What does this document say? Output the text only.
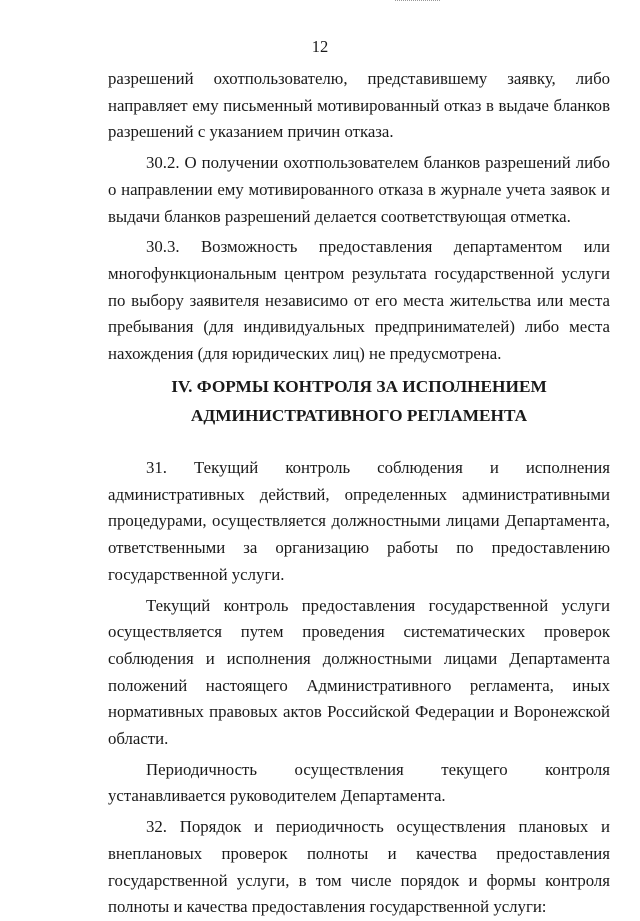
12

разрешений охотпользователю, представившему заявку, либо направляет ему письменный мотивированный отказ в выдаче бланков разрешений с указанием причин отказа.

30.2. О получении охотпользователем бланков разрешений либо о направлении ему мотивированного отказа в журнале учета заявок и выдачи бланков разрешений делается соответствующая отметка.

30.3. Возможность предоставления департаментом или многофункциональным центром результата государственной услуги по выбору заявителя независимо от его места жительства или места пребывания (для индивидуальных предпринимателей) либо места нахождения (для юридических лиц) не предусмотрена.

IV. ФОРМЫ КОНТРОЛЯ ЗА ИСПОЛНЕНИЕМ
АДМИНИСТРАТИВНОГО РЕГЛАМЕНТА

31. Текущий контроль соблюдения и исполнения административных действий, определенных административными процедурами, осуществляется должностными лицами Департамента, ответственными за организацию работы по предоставлению государственной услуги.

Текущий контроль предоставления государственной услуги осуществляется путем проведения систематических проверок соблюдения и исполнения должностными лицами Департамента положений настоящего Административного регламента, иных нормативных правовых актов Российской Федерации и Воронежской области.

Периодичность осуществления текущего контроля устанавливается руководителем Департамента.

32. Порядок и периодичность осуществления плановых и внеплановых проверок полноты и качества предоставления государственной услуги, в том числе порядок и формы контроля полноты и качества предоставления государственной услуги:
